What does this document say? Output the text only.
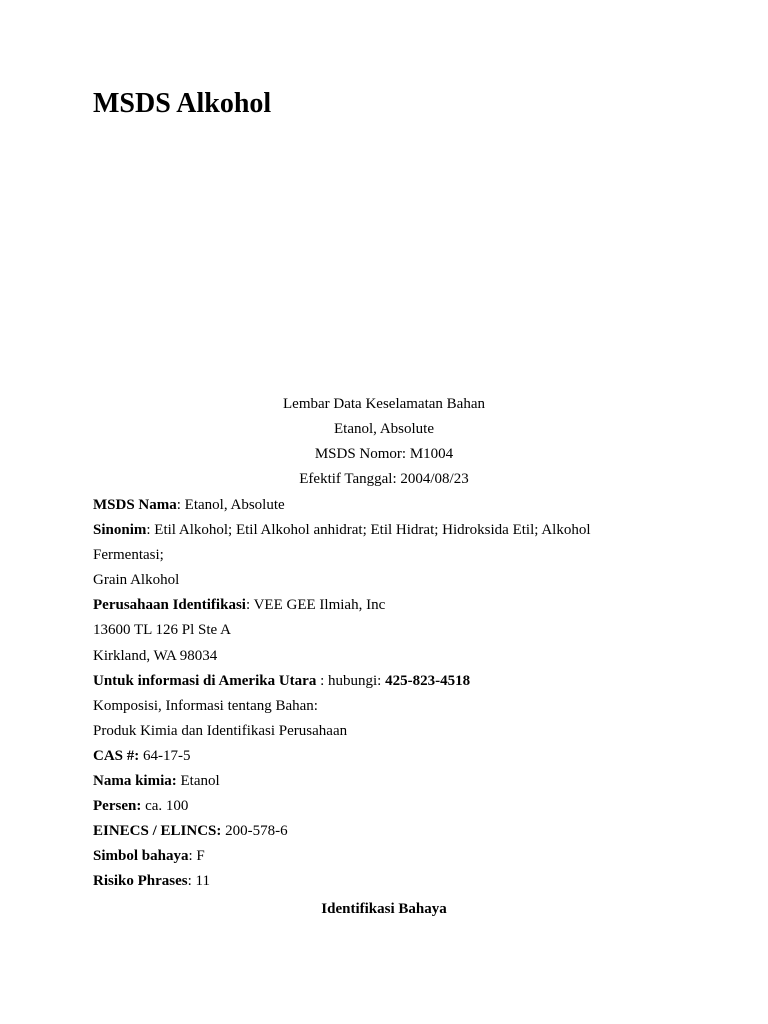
MSDS Alkohol
Lembar Data Keselamatan Bahan
Etanol, Absolute
MSDS Nomor: M1004
Efektif Tanggal: 2004/08/23
MSDS Nama: Etanol, Absolute
Sinonim: Etil Alkohol; Etil Alkohol anhidrat; Etil Hidrat; Hidroksida Etil; Alkohol
Fermentasi;
Grain Alkohol
Perusahaan Identifikasi: VEE GEE Ilmiah, Inc
13600 TL 126 Pl Ste A
Kirkland, WA 98034
Untuk informasi di Amerika Utara : hubungi: 425-823-4518
Komposisi, Informasi tentang Bahan:
Produk Kimia dan Identifikasi Perusahaan
CAS #: 64-17-5
Nama kimia: Etanol
Persen: ca. 100
EINECS / ELINCS: 200-578-6
Simbol bahaya: F
Risiko Phrases: 11
Identifikasi Bahaya
